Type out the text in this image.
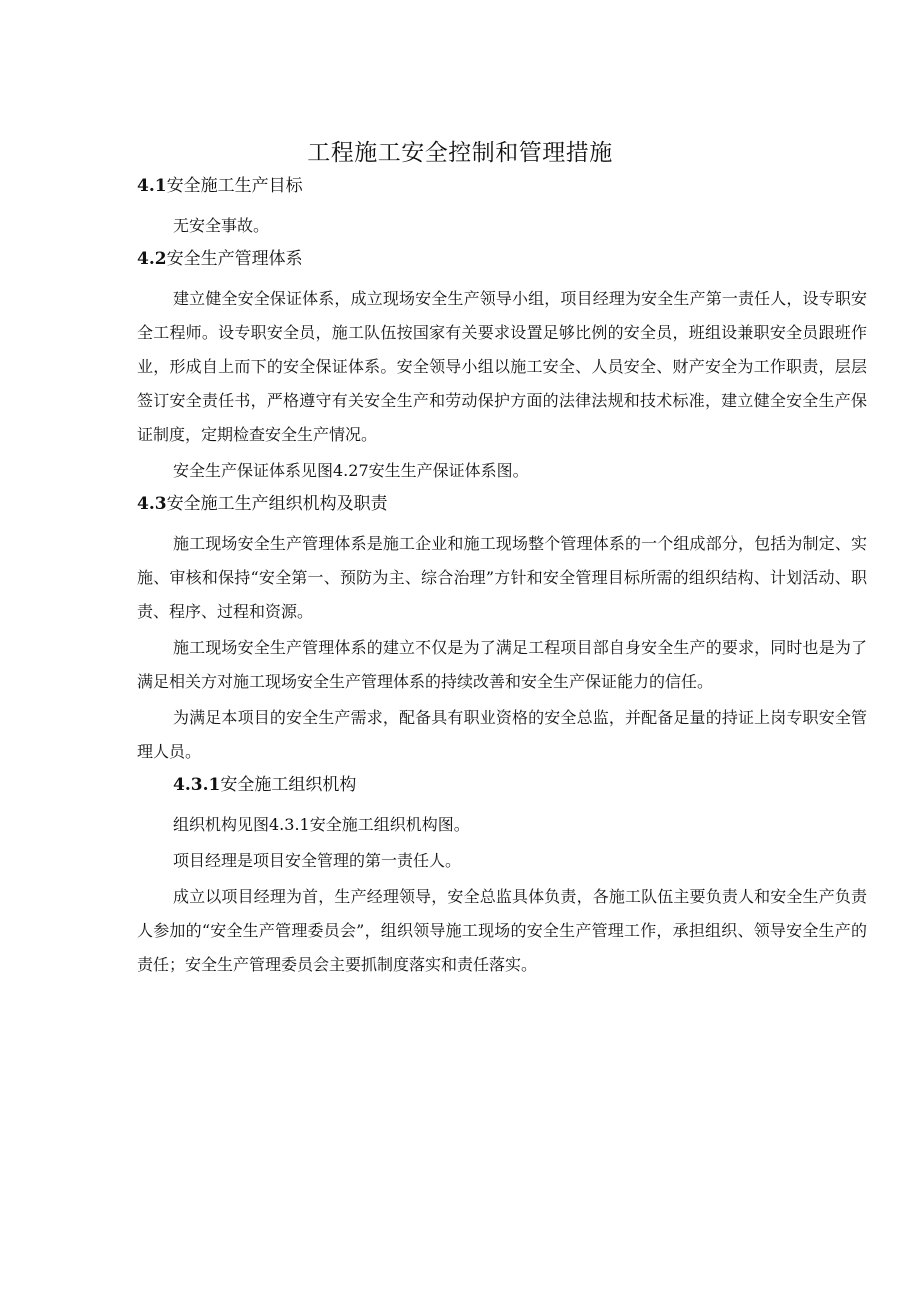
工程施工安全控制和管理措施
4.1安全施工生产目标

无安全事故。

4.2安全生产管理体系

建立健全安全保证体系，成立现场安全生产领导小组，项目经理为安全生产第一责任人，设专职安全工程师。设专职安全员，施工队伍按国家有关要求设置足够比例的安全员，班组设兼职安全员跟班作业，形成自上而下的安全保证体系。安全领导小组以施工安全、人员安全、财产安全为工作职责，层层签订安全责任书，严格遵守有关安全生产和劳动保护方面的法律法规和技术标准，建立健全安全生产保证制度，定期检查安全生产情况。

安全生产保证体系见图4.27安生生产保证体系图。

4.3安全施工生产组织机构及职责

施工现场安全生产管理体系是施工企业和施工现场整个管理体系的一个组成部分，包括为制定、实施、审核和保持“安全第一、预防为主、综合治理”方针和安全管理目标所需的组织结构、计划活动、职责、程序、过程和资源。

施工现场安全生产管理体系的建立不仅是为了满足工程项目部自身安全生产的要求，同时也是为了满足相关方对施工现场安全生产管理体系的持续改善和安全生产保证能力的信任。

为满足本项目的安全生产需求，配备具有职业资格的安全总监，并配备足量的持证上岗专职安全管理人员。

4.3.1安全施工组织机构

组织机构见图4.3.1安全施工组织机构图。

项目经理是项目安全管理的第一责任人。

成立以项目经理为首，生产经理领导，安全总监具体负责，各施工队伍主要负责人和安全生产负责人参加的“安全生产管理委员会”，组织领导施工现场的安全生产管理工作，承担组织、领导安全生产的责任；安全生产管理委员会主要抓制度落实和责任落实。
